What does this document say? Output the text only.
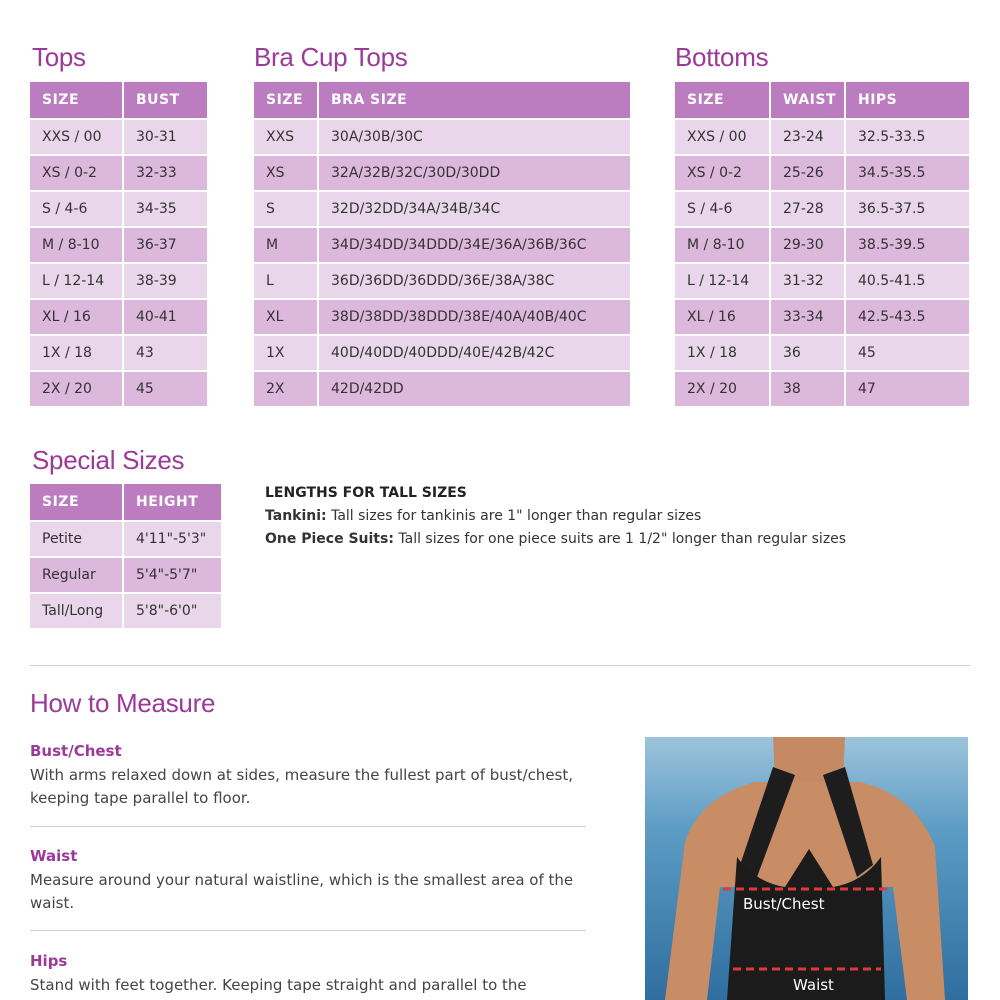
Tops	Bra Cup Tops	Bottoms
Special Sizes
SIZE	BUST
XXS / 00	30-31
XS / 0-2	32-33
S / 4-6	34-35
M / 8-10	36-37
L / 12-14	38-39
XL / 16	40-41
1X / 18	43
2X / 20	45
SIZE	BRA SIZE
XXS	30A/30B/30C
XS	32A/32B/32C/30D/30DD
S	32D/32DD/34A/34B/34C
M	34D/34DD/34DDD/34E/36A/36B/36C
L	36D/36DD/36DDD/36E/38A/38C
XL	38D/38DD/38DDD/38E/40A/40B/40C
1X	40D/40DD/40DDD/40E/42B/42C
2X	42D/42DD
SIZE	WAIST	HIPS
XXS / 00	23-24	32.5-33.5
XS / 0-2	25-26	34.5-35.5
S / 4-6	27-28	36.5-37.5
M / 8-10	29-30	38.5-39.5
L / 12-14	31-32	40.5-41.5
XL / 16	33-34	42.5-43.5
1X / 18	36	45
2X / 20	38	47
SIZE	HEIGHT
Petite	4'11"-5'3"
Regular	5'4"-5'7"
Tall/Long	5'8"-6'0"
LENGTHS FOR TALL SIZES
Tankini: Tall sizes for tankinis are 1" longer than regular sizes
One Piece Suits: Tall sizes for one piece suits are 1 1/2" longer than regular sizes
How to Measure
Bust/Chest
With arms relaxed down at sides, measure the fullest part of bust/chest, keeping tape parallel to floor.
Waist
Measure around your natural waistline, which is the smallest area of the waist.
Hips
Stand with feet together. Keeping tape straight and parallel to the
Bust/Chest
Waist
